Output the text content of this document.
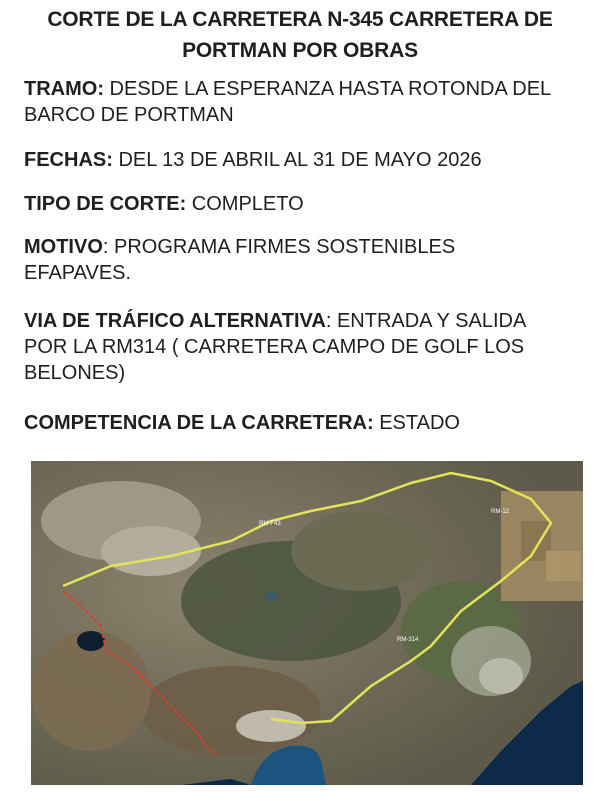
CORTE DE LA CARRETERA N-345 CARRETERA DE
PORTMAN POR OBRAS
TRAMO: DESDE LA ESPERANZA HASTA ROTONDA DEL BARCO DE PORTMAN
FECHAS: DEL 13 DE ABRIL AL 31 DE MAYO 2026
TIPO DE CORTE: COMPLETO
MOTIVO: PROGRAMA FIRMES SOSTENIBLES EFAPAVES.
VIA DE TRÁFICO ALTERNATIVA: ENTRADA Y SALIDA POR LA RM314 ( CARRETERA CAMPO DE GOLF LOS BELONES)
COMPETENCIA DE LA CARRETERA: ESTADO
RM-F43
RM-12
RM-314
